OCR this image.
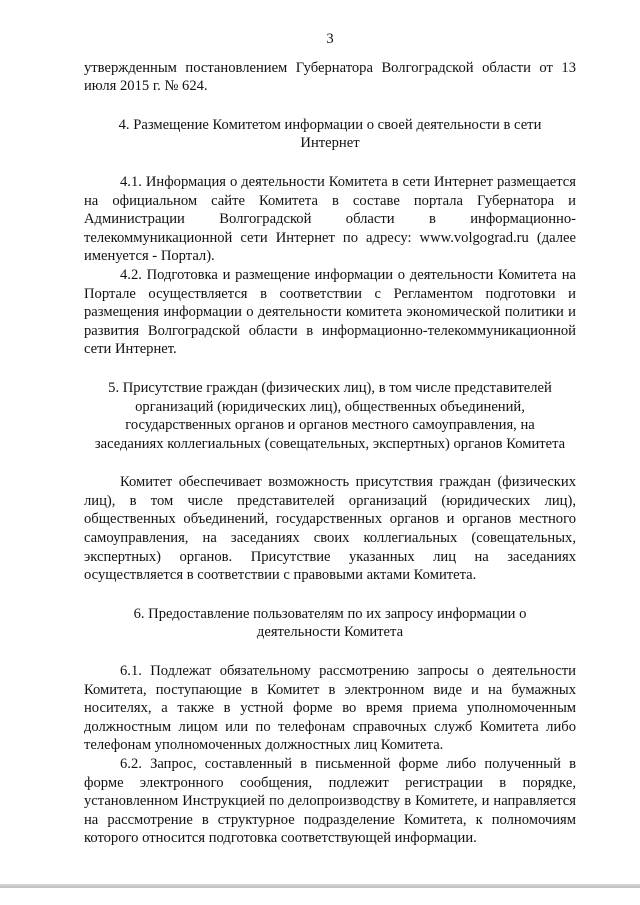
3

утвержденным постановлением Губернатора Волгоградской области от 13 июля 2015 г. № 624.

4. Размещение Комитетом информации о своей деятельности в сети Интернет

4.1. Информация о деятельности Комитета в сети Интернет размещается на официальном сайте Комитета в составе портала Губернатора и Администрации Волгоградской области в информационно-телекоммуникационной сети Интернет по адресу: www.volgograd.ru (далее именуется - Портал).

4.2. Подготовка и размещение информации о деятельности Комитета на Портале осуществляется в соответствии с Регламентом подготовки и размещения информации о деятельности комитета экономической политики и развития Волгоградской области в информационно-телекоммуникационной сети Интернет.

5. Присутствие граждан (физических лиц), в том числе представителей организаций (юридических лиц), общественных объединений, государственных органов и органов местного самоуправления, на заседаниях коллегиальных (совещательных, экспертных) органов Комитета

Комитет обеспечивает возможность присутствия граждан (физических лиц), в том числе представителей организаций (юридических лиц), общественных объединений, государственных органов и органов местного самоуправления, на заседаниях своих коллегиальных (совещательных, экспертных) органов. Присутствие указанных лиц на заседаниях осуществляется в соответствии с правовыми актами Комитета.

6. Предоставление пользователям по их запросу информации о деятельности Комитета

6.1. Подлежат обязательному рассмотрению запросы о деятельности Комитета, поступающие в Комитет в электронном виде и на бумажных носителях, а также в устной форме во время приема уполномоченным должностным лицом или по телефонам справочных служб Комитета либо телефонам уполномоченных должностных лиц Комитета.

6.2. Запрос, составленный в письменной форме либо полученный в форме электронного сообщения, подлежит регистрации в порядке, установленном Инструкцией по делопроизводству в Комитете, и направляется на рассмотрение в структурное подразделение Комитета, к полномочиям которого относится подготовка соответствующей информации.
